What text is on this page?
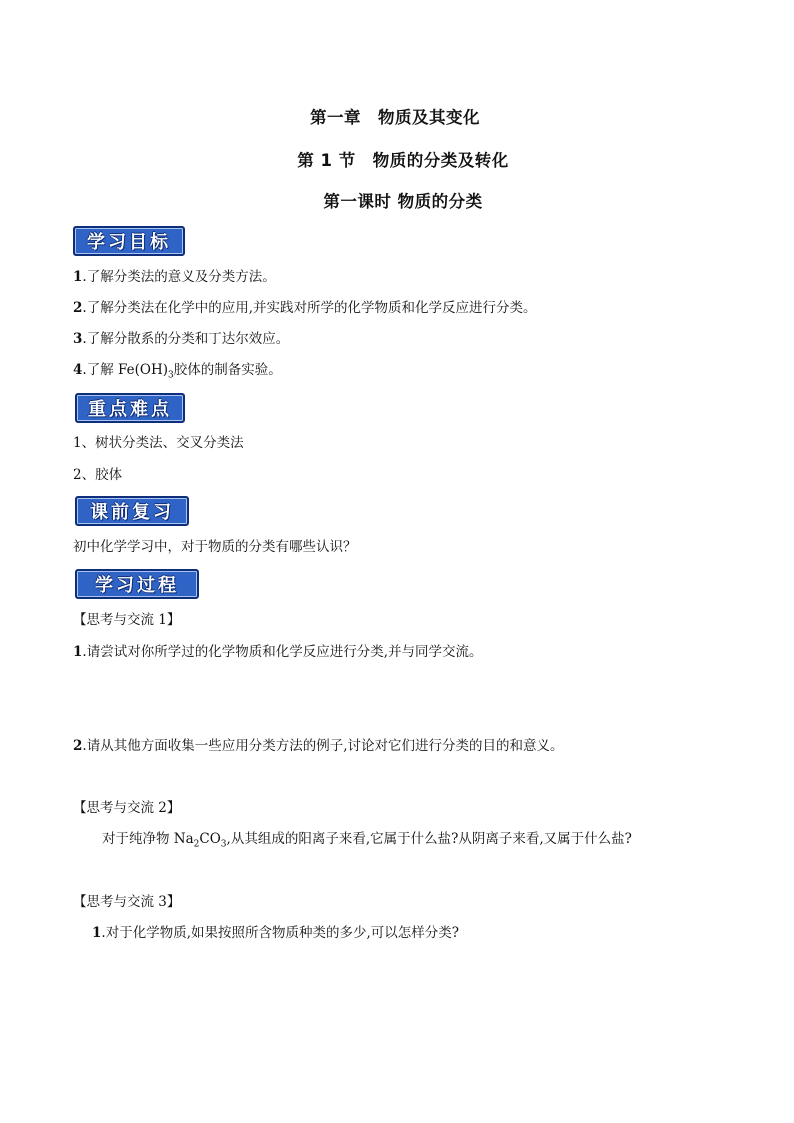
第一章　物质及其变化
第 1 节　物质的分类及转化
第一课时 物质的分类
学习目标
1.了解分类法的意义及分类方法。
2.了解分类法在化学中的应用,并实践对所学的化学物质和化学反应进行分类。
3.了解分散系的分类和丁达尔效应。
4.了解 $Fe(OH)_3$胶体的制备实验。
重点难点
1、树状分类法、交叉分类法
2、胶体
课前复习
初中化学学习中，对于物质的分类有哪些认识？
学习过程
【思考与交流 1】
1.请尝试对你所学过的化学物质和化学反应进行分类,并与同学交流。
2.请从其他方面收集一些应用分类方法的例子,讨论对它们进行分类的目的和意义。
【思考与交流 2】
对于纯净物 $Na_2CO_3$,从其组成的阳离子来看,它属于什么盐?从阴离子来看,又属于什么盐?
【思考与交流 3】
1.对于化学物质,如果按照所含物质种类的多少,可以怎样分类?
